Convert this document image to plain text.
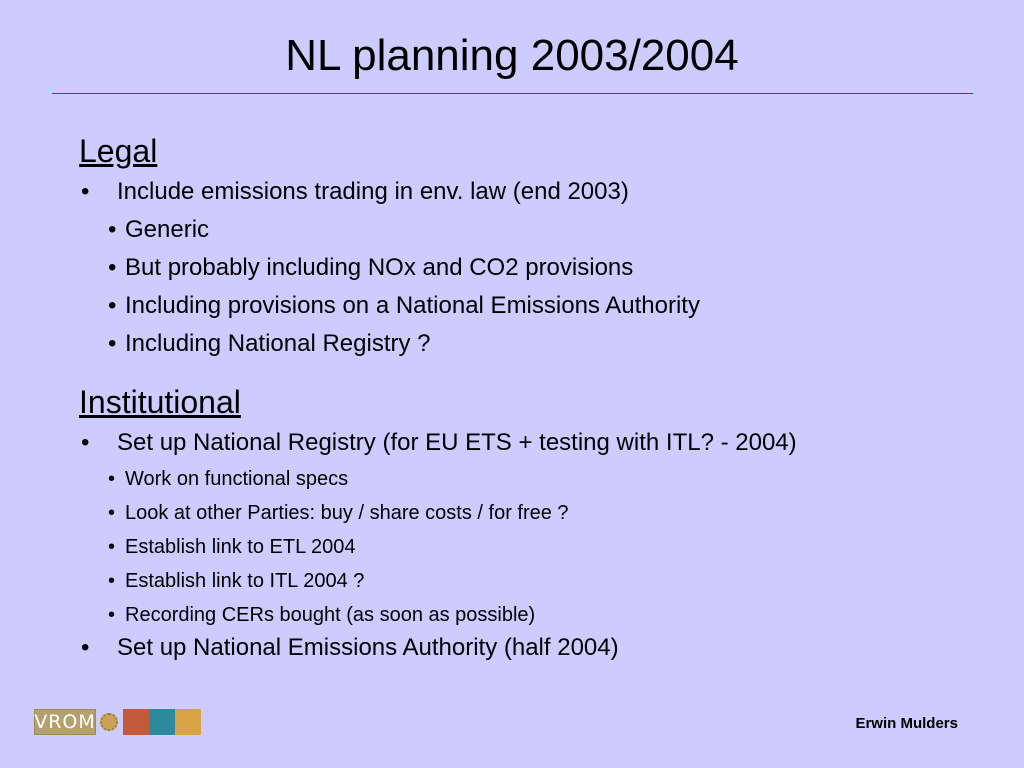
NL planning 2003/2004

Legal

• Include emissions trading in env. law (end 2003)
• Generic
• But probably including NOx and CO2 provisions
• Including provisions on a National Emissions Authority
• Including National Registry ?

Institutional

• Set up National Registry (for EU ETS + testing with ITL? - 2004)
• Work on functional specs
• Look at other Parties: buy / share costs / for free ?
• Establish link to ETL 2004
• Establish link to ITL 2004 ?
• Recording CERs bought (as soon as possible)
• Set up National Emissions Authority (half 2004)
VROM	Erwin Mulders
